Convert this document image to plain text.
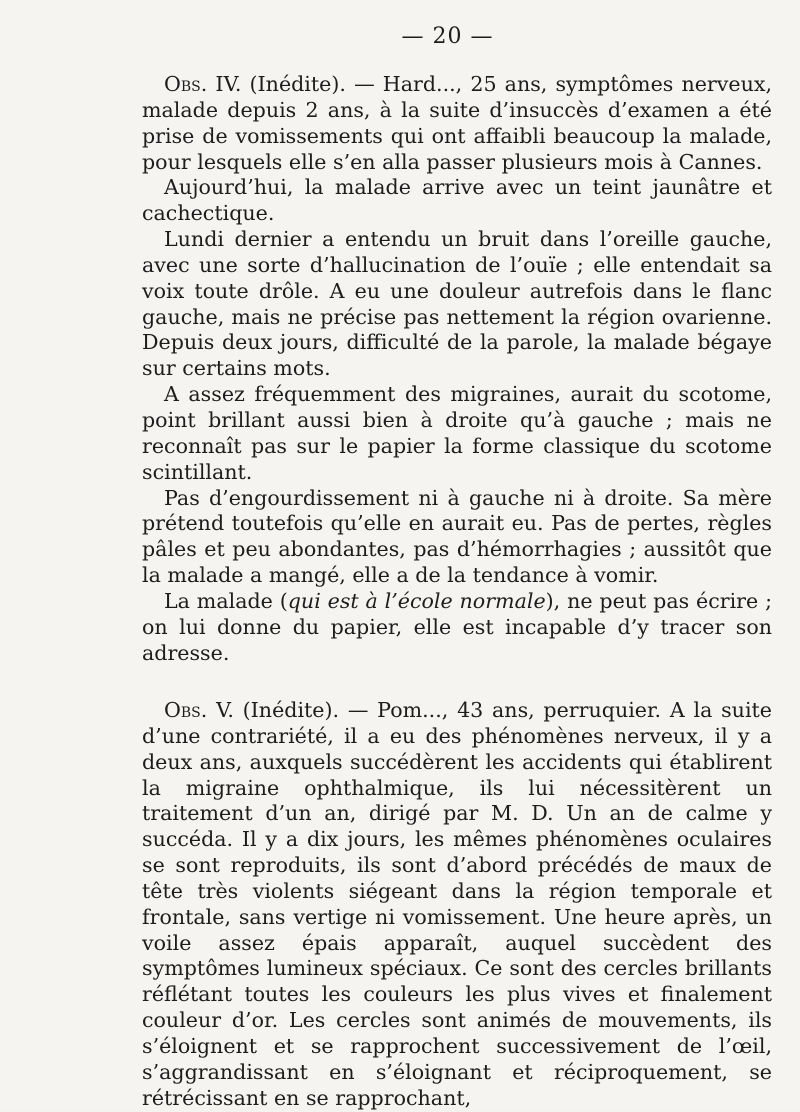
— 20 —

Obs. IV. (Inédite). — Hard..., 25 ans, symptômes nerveux, malade depuis 2 ans, à la suite d’insuccès d’examen a été prise de vomissements qui ont affaibli beaucoup la malade, pour lesquels elle s’en alla passer plusieurs mois à Cannes.

Aujourd’hui, la malade arrive avec un teint jaunâtre et cachectique.

Lundi dernier a entendu un bruit dans l’oreille gauche, avec une sorte d’hallucination de l’ouïe ; elle entendait sa voix toute drôle. A eu une douleur autrefois dans le flanc gauche, mais ne précise pas nettement la région ovarienne. Depuis deux jours, difficulté de la parole, la malade bégaye sur certains mots.

A assez fréquemment des migraines, aurait du scotome, point brillant aussi bien à droite qu’à gauche ; mais ne reconnaît pas sur le papier la forme classique du scotome scintillant.

Pas d’engourdissement ni à gauche ni à droite. Sa mère prétend toutefois qu’elle en aurait eu. Pas de pertes, règles pâles et peu abondantes, pas d’hémorrhagies ; aussitôt que la malade a mangé, elle a de la tendance à vomir.

La malade (qui est à l’école normale), ne peut pas écrire ; on lui donne du papier, elle est incapable d’y tracer son adresse.

Obs. V. (Inédite). — Pom..., 43 ans, perruquier. A la suite d’une contrariété, il a eu des phénomènes nerveux, il y a deux ans, auxquels succédèrent les accidents qui établirent la migraine ophthalmique, ils lui nécessitèrent un traitement d’un an, dirigé par M. D. Un an de calme y succéda. Il y a dix jours, les mêmes phénomènes oculaires se sont reproduits, ils sont d’abord précédés de maux de tête très violents siégeant dans la région temporale et frontale, sans vertige ni vomissement. Une heure après, un voile assez épais apparaît, auquel succèdent des symptômes lumineux spéciaux. Ce sont des cercles brillants réflétant toutes les couleurs les plus vives et finalement couleur d’or. Les cercles sont animés de mouvements, ils s’éloignent et se rapprochent successivement de l’œil, s’aggrandissant en s’éloignant et réciproquement, se rétrécissant en se rapprochant,
